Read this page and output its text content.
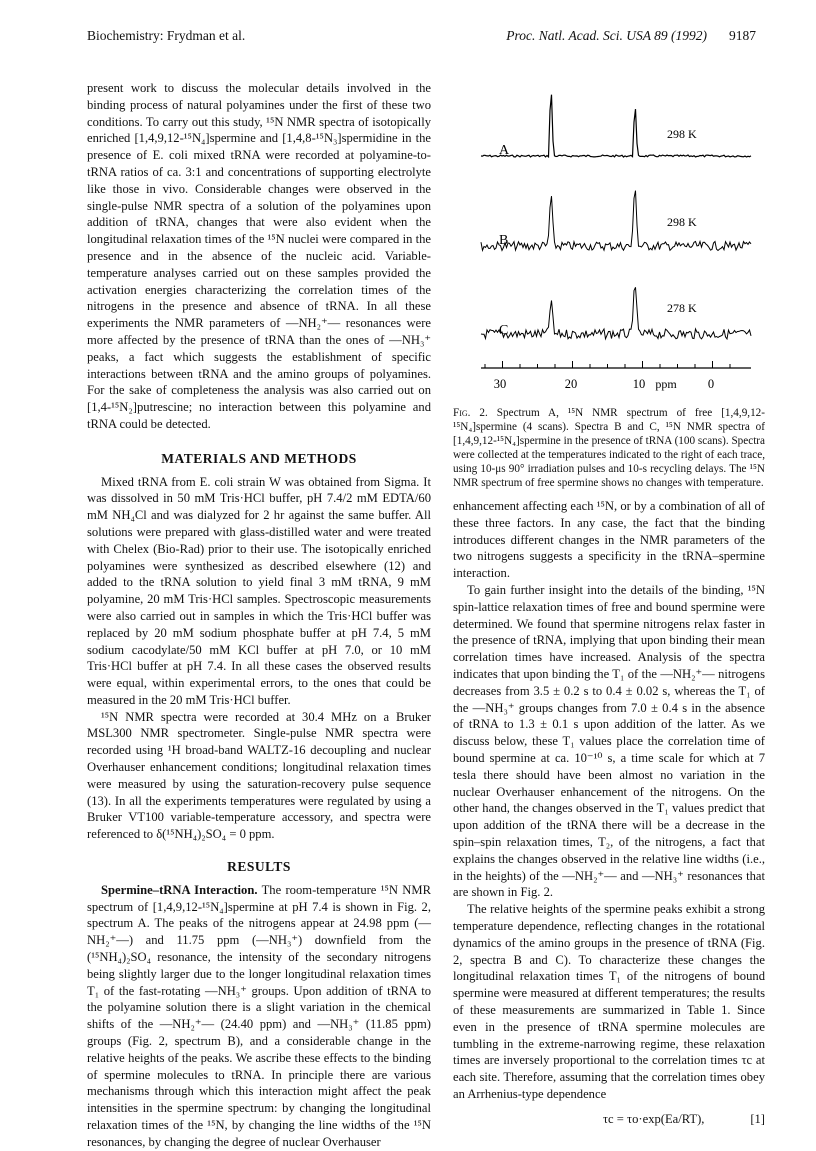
Biochemistry: Frydman et al.	Proc. Natl. Acad. Sci. USA 89 (1992) 9187

present work to discuss the molecular details involved in the binding process of natural polyamines under the first of these two conditions. To carry out this study, ¹⁵N NMR spectra of isotopically enriched [1,4,9,12-¹⁵N₄]spermine and [1,4,8-¹⁵N₃]spermidine in the presence of E. coli mixed tRNA were recorded at polyamine-to-tRNA ratios of ca. 3:1 and concentrations of supporting electrolyte like those in vivo. Considerable changes were observed in the single-pulse NMR spectra of a solution of the polyamines upon addition of tRNA, changes that were also evident when the longitudinal relaxation times of the ¹⁵N nuclei were compared in the presence and in the absence of the nucleic acid. Variable-temperature analyses carried out on these samples provided the activation energies characterizing the correlation times of the nitrogens in the presence and absence of tRNA. In all these experiments the NMR parameters of —NH₂⁺— resonances were more affected by the presence of tRNA than the ones of —NH₃⁺ peaks, a fact which suggests the establishment of specific interactions between tRNA and the amino groups of polyamines. For the sake of completeness the analysis was also carried out on [1,4-¹⁵N₂]putrescine; no interaction between this polyamine and tRNA could be detected.

MATERIALS AND METHODS

Mixed tRNA from E. coli strain W was obtained from Sigma. It was dissolved in 50 mM Tris·HCl buffer, pH 7.4/2 mM EDTA/60 mM NH₄Cl and was dialyzed for 2 hr against the same buffer. All solutions were prepared with glass-distilled water and were treated with Chelex (Bio-Rad) prior to their use. The isotopically enriched polyamines were synthesized as described elsewhere (12) and added to the tRNA solution to yield final 3 mM tRNA, 9 mM polyamine, 20 mM Tris·HCl samples. Spectroscopic measurements were also carried out in samples in which the Tris·HCl buffer was replaced by 20 mM sodium phosphate buffer at pH 7.4, 5 mM sodium cacodylate/50 mM KCl buffer at pH 7.0, or 10 mM Tris·HCl buffer at pH 7.4. In all these cases the observed results were equal, within experimental errors, to the ones that could be measured in the 20 mM Tris·HCl buffer.

¹⁵N NMR spectra were recorded at 30.4 MHz on a Bruker MSL300 NMR spectrometer. Single-pulse NMR spectra were recorded using ¹H broad-band WALTZ-16 decoupling and nuclear Overhauser enhancement conditions; longitudinal relaxation times were measured by using the saturation-recovery pulse sequence (13). In all the experiments temperatures were regulated by using a Bruker VT100 variable-temperature accessory, and spectra were referenced to δ(¹⁵NH₄)₂SO₄ = 0 ppm.

RESULTS

Spermine–tRNA Interaction. The room-temperature ¹⁵N NMR spectrum of [1,4,9,12-¹⁵N₄]spermine at pH 7.4 is shown in Fig. 2, spectrum A. The peaks of the nitrogens appear at 24.98 ppm (—NH₂⁺—) and 11.75 ppm (—NH₃⁺) downfield from the (¹⁵NH₄)₂SO₄ resonance, the intensity of the secondary nitrogens being slightly larger due to the longer longitudinal relaxation times T₁ of the fast-rotating —NH₃⁺ groups. Upon addition of tRNA to the polyamine solution there is a slight variation in the chemical shifts of the —NH₂⁺— (24.40 ppm) and —NH₃⁺ (11.85 ppm) groups (Fig. 2, spectrum B), and a considerable change in the relative heights of the peaks. We ascribe these effects to the binding of spermine molecules to tRNA. In principle there are various mechanisms through which this interaction might affect the peak intensities in the spermine spectrum: by changing the longitudinal relaxation times of the ¹⁵N, by changing the line widths of the ¹⁵N resonances, by changing the degree of nuclear Overhauser

A
298 K
B
298 K
C
278 K
30	20	10 ppm 0
Fig. 2. Spectrum A, ¹⁵N NMR spectrum of free [1,4,9,12-¹⁵N₄]spermine (4 scans). Spectra B and C, ¹⁵N NMR spectra of [1,4,9,12-¹⁵N₄]spermine in the presence of tRNA (100 scans). Spectra were collected at the temperatures indicated to the right of each trace, using 10-μs 90° irradiation pulses and 10-s recycling delays. The ¹⁵N NMR spectrum of free spermine shows no changes with temperature.

enhancement affecting each ¹⁵N, or by a combination of all of these three factors. In any case, the fact that the binding introduces different changes in the NMR parameters of the two nitrogens suggests a specificity in the tRNA–spermine interaction.

To gain further insight into the details of the binding, ¹⁵N spin-lattice relaxation times of free and bound spermine were determined. We found that spermine nitrogens relax faster in the presence of tRNA, implying that upon binding their mean correlation times have increased. Analysis of the spectra indicates that upon binding the T₁ of the —NH₂⁺— nitrogens decreases from 3.5 ± 0.2 s to 0.4 ± 0.02 s, whereas the T₁ of the —NH₃⁺ groups changes from 7.0 ± 0.4 s in the absence of tRNA to 1.3 ± 0.1 s upon addition of the latter. As we discuss below, these T₁ values place the correlation time of bound spermine at ca. 10⁻¹⁰ s, a time scale for which at 7 tesla there should have been almost no variation in the nuclear Overhauser enhancement of the nitrogens. On the other hand, the changes observed in the T₁ values predict that upon addition of the tRNA there will be a decrease in the spin–spin relaxation times, T₂, of the nitrogens, a fact that explains the changes observed in the relative line widths (i.e., in the heights) of the —NH₂⁺— and —NH₃⁺ resonances that are shown in Fig. 2.

The relative heights of the spermine peaks exhibit a strong temperature dependence, reflecting changes in the rotational dynamics of the amino groups in the presence of tRNA (Fig. 2, spectra B and C). To characterize these changes the longitudinal relaxation times T₁ of the nitrogens of bound spermine were measured at different temperatures; the results of these measurements are summarized in Table 1. Since even in the presence of tRNA spermine molecules are tumbling in the extreme-narrowing regime, these relaxation times are inversely proportional to the correlation times τc at each site. Therefore, assuming that the correlation times obey an Arrhenius-type dependence

τc = τo·exp(Ea/RT),	[1]
